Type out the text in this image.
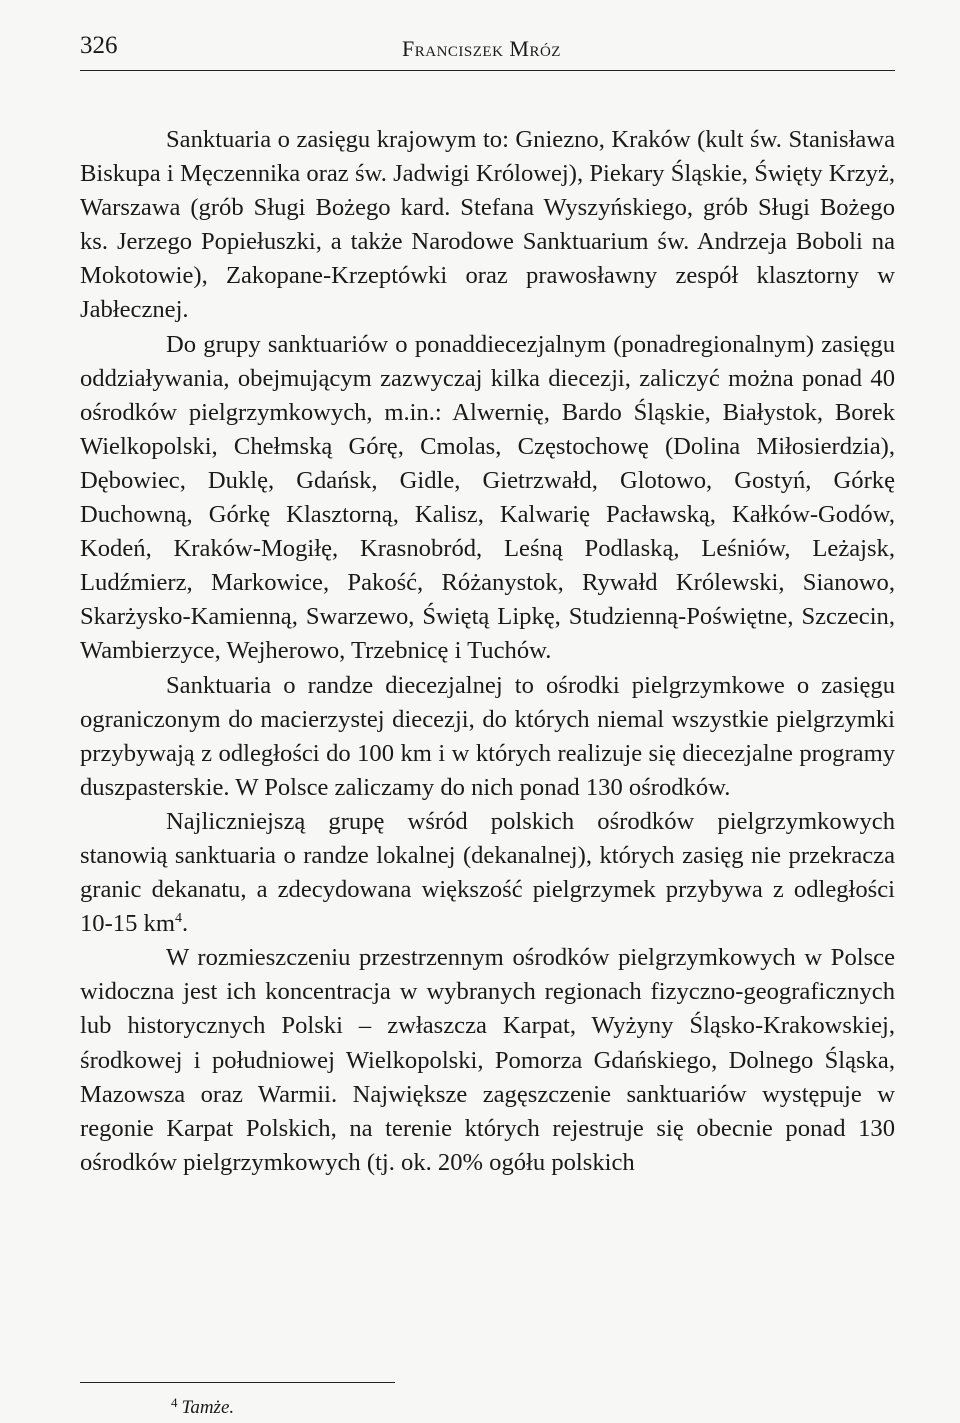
326	Franciszek Mróz

Sanktuaria o zasięgu krajowym to: Gniezno, Kraków (kult św. Stanisława Biskupa i Męczennika oraz św. Jadwigi Królowej), Piekary Śląskie, Święty Krzyż, Warszawa (grób Sługi Bożego kard. Stefana Wyszyńskiego, grób Sługi Bożego ks. Jerzego Popiełuszki, a także Narodowe Sanktuarium św. Andrzeja Boboli na Mokotowie), Zakopane-Krzeptówki oraz prawosławny zespół klasztorny w Jabłecznej.

Do grupy sanktuariów o ponaddiecezjalnym (ponadregionalnym) zasięgu oddziaływania, obejmującym zazwyczaj kilka diecezji, zaliczyć można ponad 40 ośrodków pielgrzymkowych, m.in.: Alwernię, Bardo Śląskie, Białystok, Borek Wielkopolski, Chełmską Górę, Cmolas, Częstochowę (Dolina Miłosierdzia), Dębowiec, Duklę, Gdańsk, Gidle, Gietrzwałd, Glotowo, Gostyń, Górkę Duchowną, Górkę Klasztorną, Kalisz, Kalwarię Pacławską, Kałków-Godów, Kodeń, Kraków-Mogiłę, Krasnobród, Leśną Podlaską, Leśniów, Leżajsk, Ludźmierz, Markowice, Pakość, Różanystok, Rywałd Królewski, Sianowo, Skarżysko-Kamienną, Swarzewo, Świętą Lipkę, Studzienną-Poświętne, Szczecin, Wambierzyce, Wejherowo, Trzebnicę i Tuchów.

Sanktuaria o randze diecezjalnej to ośrodki pielgrzymkowe o zasięgu ograniczonym do macierzystej diecezji, do których niemal wszystkie pielgrzymki przybywają z odległości do 100 km i w których realizuje się diecezjalne programy duszpasterskie. W Polsce zaliczamy do nich ponad 130 ośrodków.

Najliczniejszą grupę wśród polskich ośrodków pielgrzymkowych stanowią sanktuaria o randze lokalnej (dekanalnej), których zasięg nie przekracza granic dekanatu, a zdecydowana większość pielgrzymek przybywa z odległości 10-15 $km^4$.

W rozmieszczeniu przestrzennym ośrodków pielgrzymkowych w Polsce widoczna jest ich koncentracja w wybranych regionach fizyczno-geograficznych lub historycznych Polski – zwłaszcza Karpat, Wyżyny Śląsko-Krakowskiej, środkowej i południowej Wielkopolski, Pomorza Gdańskiego, Dolnego Śląska, Mazowsza oraz Warmii. Największe zagęszczenie sanktuariów występuje w regonie Karpat Polskich, na terenie których rejestruje się obecnie ponad 130 ośrodków pielgrzymkowych (tj. ok. 20% ogółu polskich

$^4$ Tamże.
